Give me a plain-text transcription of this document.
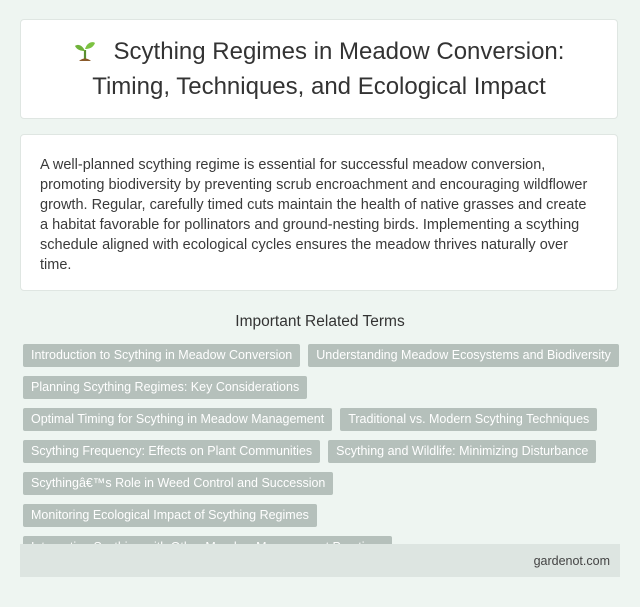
Scything Regimes in Meadow Conversion: Timing, Techniques, and Ecological Impact

A well-planned scything regime is essential for successful meadow conversion, promoting biodiversity by preventing scrub encroachment and encouraging wildflower growth. Regular, carefully timed cuts maintain the health of native grasses and create a habitat favorable for pollinators and ground-nesting birds. Implementing a scything schedule aligned with ecological cycles ensures the meadow thrives naturally over time.

Important Related Terms
Introduction to Scything in Meadow Conversion	Understanding Meadow Ecosystems and Biodiversity
Planning Scything Regimes: Key Considerations
Optimal Timing for Scything in Meadow Management	Traditional vs. Modern Scything Techniques
Scything Frequency: Effects on Plant Communities	Scything and Wildlife: Minimizing Disturbance
Scythingâ€™s Role in Weed Control and Succession
Monitoring Ecological Impact of Scything Regimes
gardenot.com
